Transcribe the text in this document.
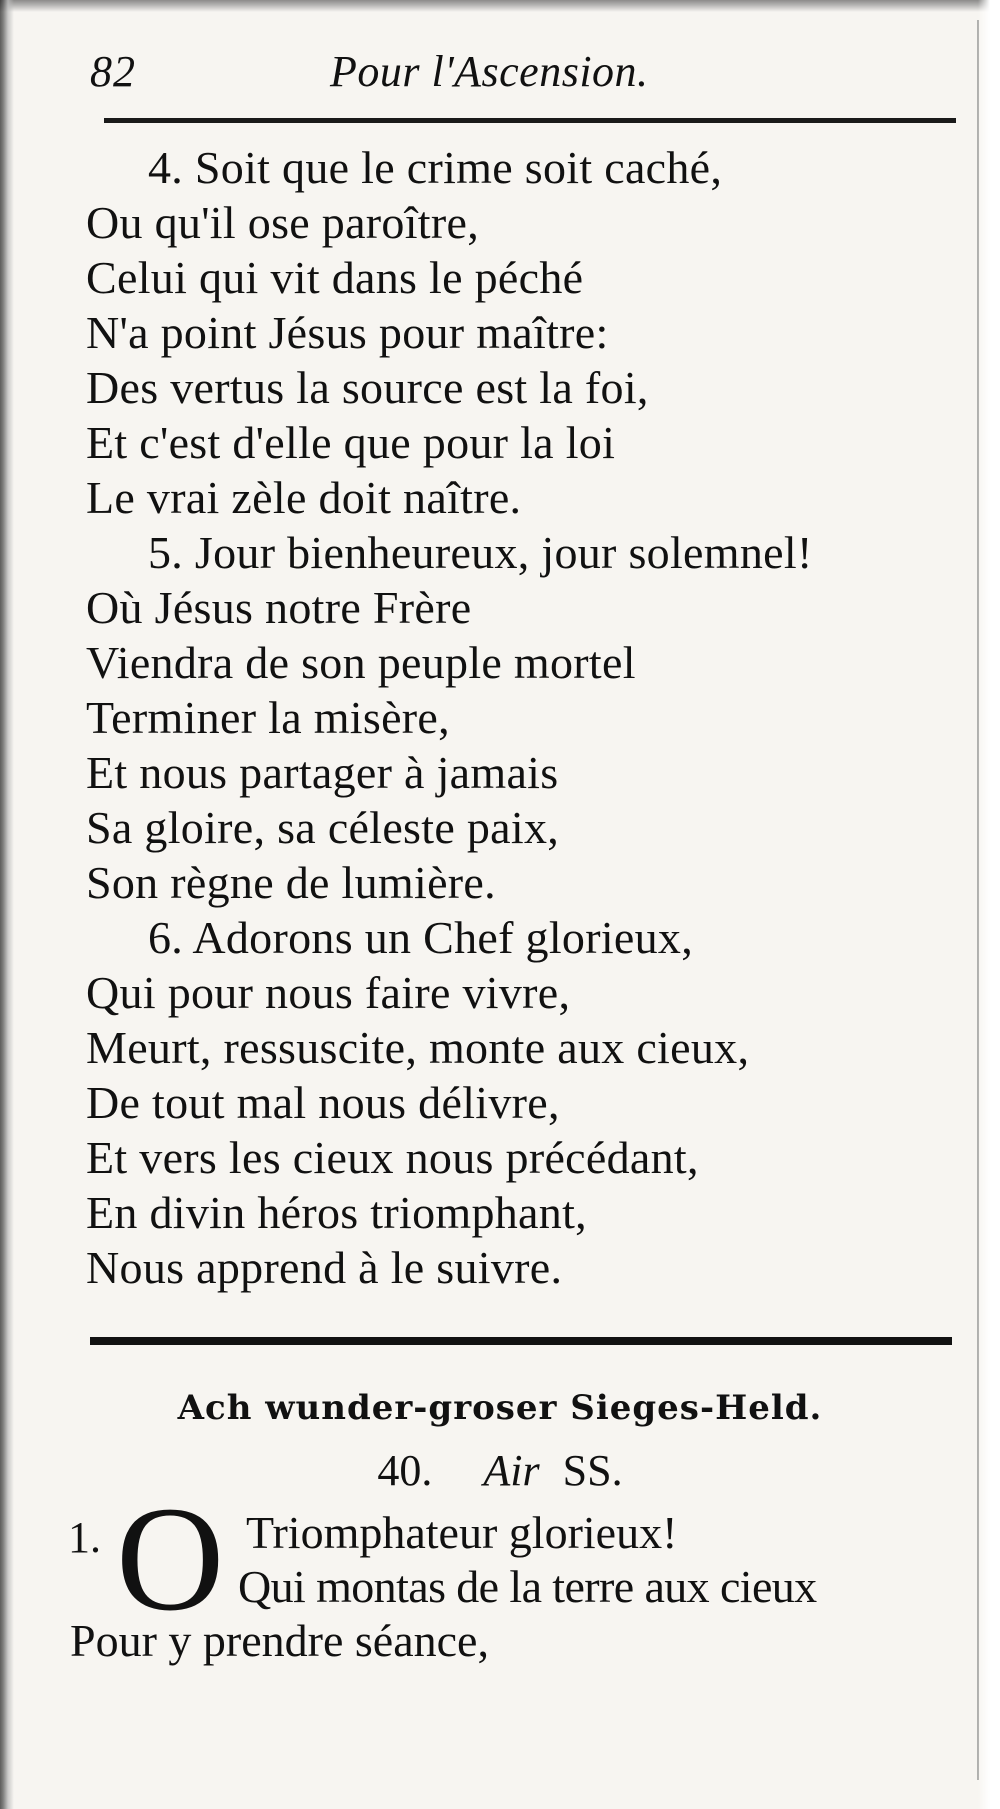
82	Pour l'Ascension.
4. Soit que le crime soit caché,
Ou qu'il ose paroître,
Celui qui vit dans le péché
N'a point Jésus pour maître:
Des vertus la source est la foi,
Et c'est d'elle que pour la loi
Le vrai zèle doit naître.
5. Jour bienheureux, jour solemnel!
Où Jésus notre Frère
Viendra de son peuple mortel
Terminer la misère,
Et nous partager à jamais
Sa gloire, sa céleste paix,
Son règne de lumière.
6. Adorons un Chef glorieux,
Qui pour nous faire vivre,
Meurt, ressuscite, monte aux cieux,
De tout mal nous délivre,
Et vers les cieux nous précédant,
En divin héros triomphant,
Nous apprend à le suivre.
Ach wunder-groser Sieges-Held.
40. Air SS.
1. O Triomphateur glorieux!
Qui montas de la terre aux cieux
Pour y prendre séance,
